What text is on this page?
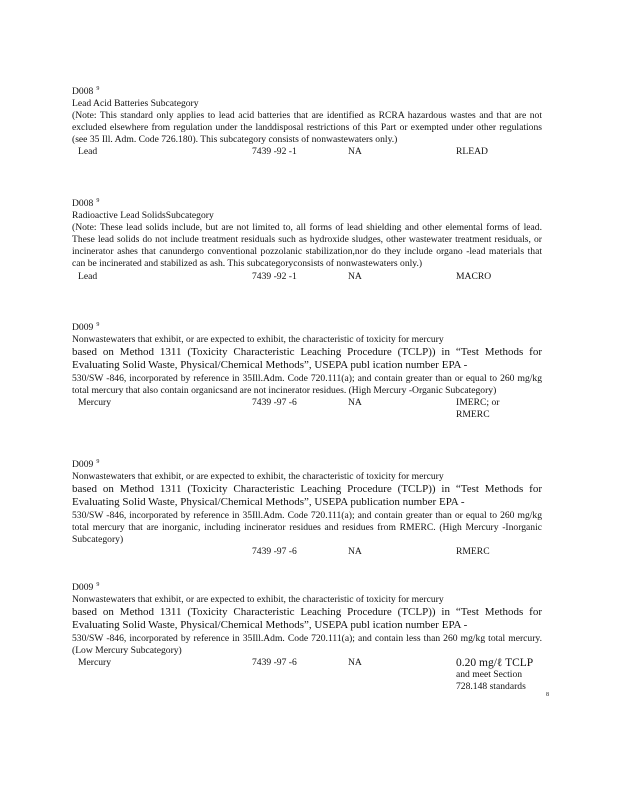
D008 $^9$
Lead Acid Batteries Subcategory
(Note: This standard only applies to lead acid batteries that are identified as RCRA hazardous wastes and that are not excluded elsewhere from regulation under the landdisposal restrictions of this Part or exempted under other regulations (see 35 Ill. Adm. Code 726.180). This subcategory consists of nonwastewaters only.)
Lead	7439 -92 -1	NA	RLEAD
D008 $^9$
Radioactive Lead SolidsSubcategory
(Note: These lead solids include, but are not limited to, all forms of lead shielding and other elemental forms of lead. These lead solids do not include treatment residuals such as hydroxide sludges, other wastewater treatment residuals, or incinerator ashes that canundergo conventional pozzolanic stabilization,nor do they include organo -lead materials that can be incinerated and stabilized as ash. This subcategoryconsists of nonwastewaters only.)
Lead	7439 -92 -1	NA	MACRO
D009 $^9$
Nonwastewaters that exhibit, or are expected to exhibit, the characteristic of toxicity for mercury
based on Method 1311 (Toxicity Characteristic Leaching Procedure (TCLP)) in “Test Methods for Evaluating Solid Waste, Physical/Chemical Methods”, USEPA publ ication number EPA -
530/SW -846, incorporated by reference in 35Ill.Adm. Code 720.111(a); and contain greater than or equal to 260 mg/kg total mercury that also contain organicsand are not incinerator residues. (High Mercury -Organic Subcategory)
Mercury	7439 -97 -6	NA	IMERC; or
RMERC
D009 $^9$
Nonwastewaters that exhibit, or are expected to exhibit, the characteristic of toxicity for mercury
based on Method 1311 (Toxicity Characteristic Leaching Procedure (TCLP)) in “Test Methods for Evaluating Solid Waste, Physical/Chemical Methods”, USEPA publication number EPA -
530/SW -846, incorporated by reference in 35Ill.Adm. Code 720.111(a); and contain greater than or equal to 260 mg/kg total mercury that are inorganic, including incinerator residues and residues from RMERC. (High Mercury -Inorganic Subcategory)
7439 -97 -6	NA	RMERC
D009 $^9$
Nonwastewaters that exhibit, or are expected to exhibit, the characteristic of toxicity for mercury
based on Method 1311 (Toxicity Characteristic Leaching Procedure (TCLP)) in “Test Methods for Evaluating Solid Waste, Physical/Chemical Methods”, USEPA publ ication number EPA -
530/SW -846, incorporated by reference in 35Ill.Adm. Code 720.111(a); and contain less than 260 mg/kg total mercury. (Low Mercury Subcategory)
Mercury	7439 -97 -6	NA	0.20 mg/ℓ TCLP
and meet Section
728.148 standards
8
